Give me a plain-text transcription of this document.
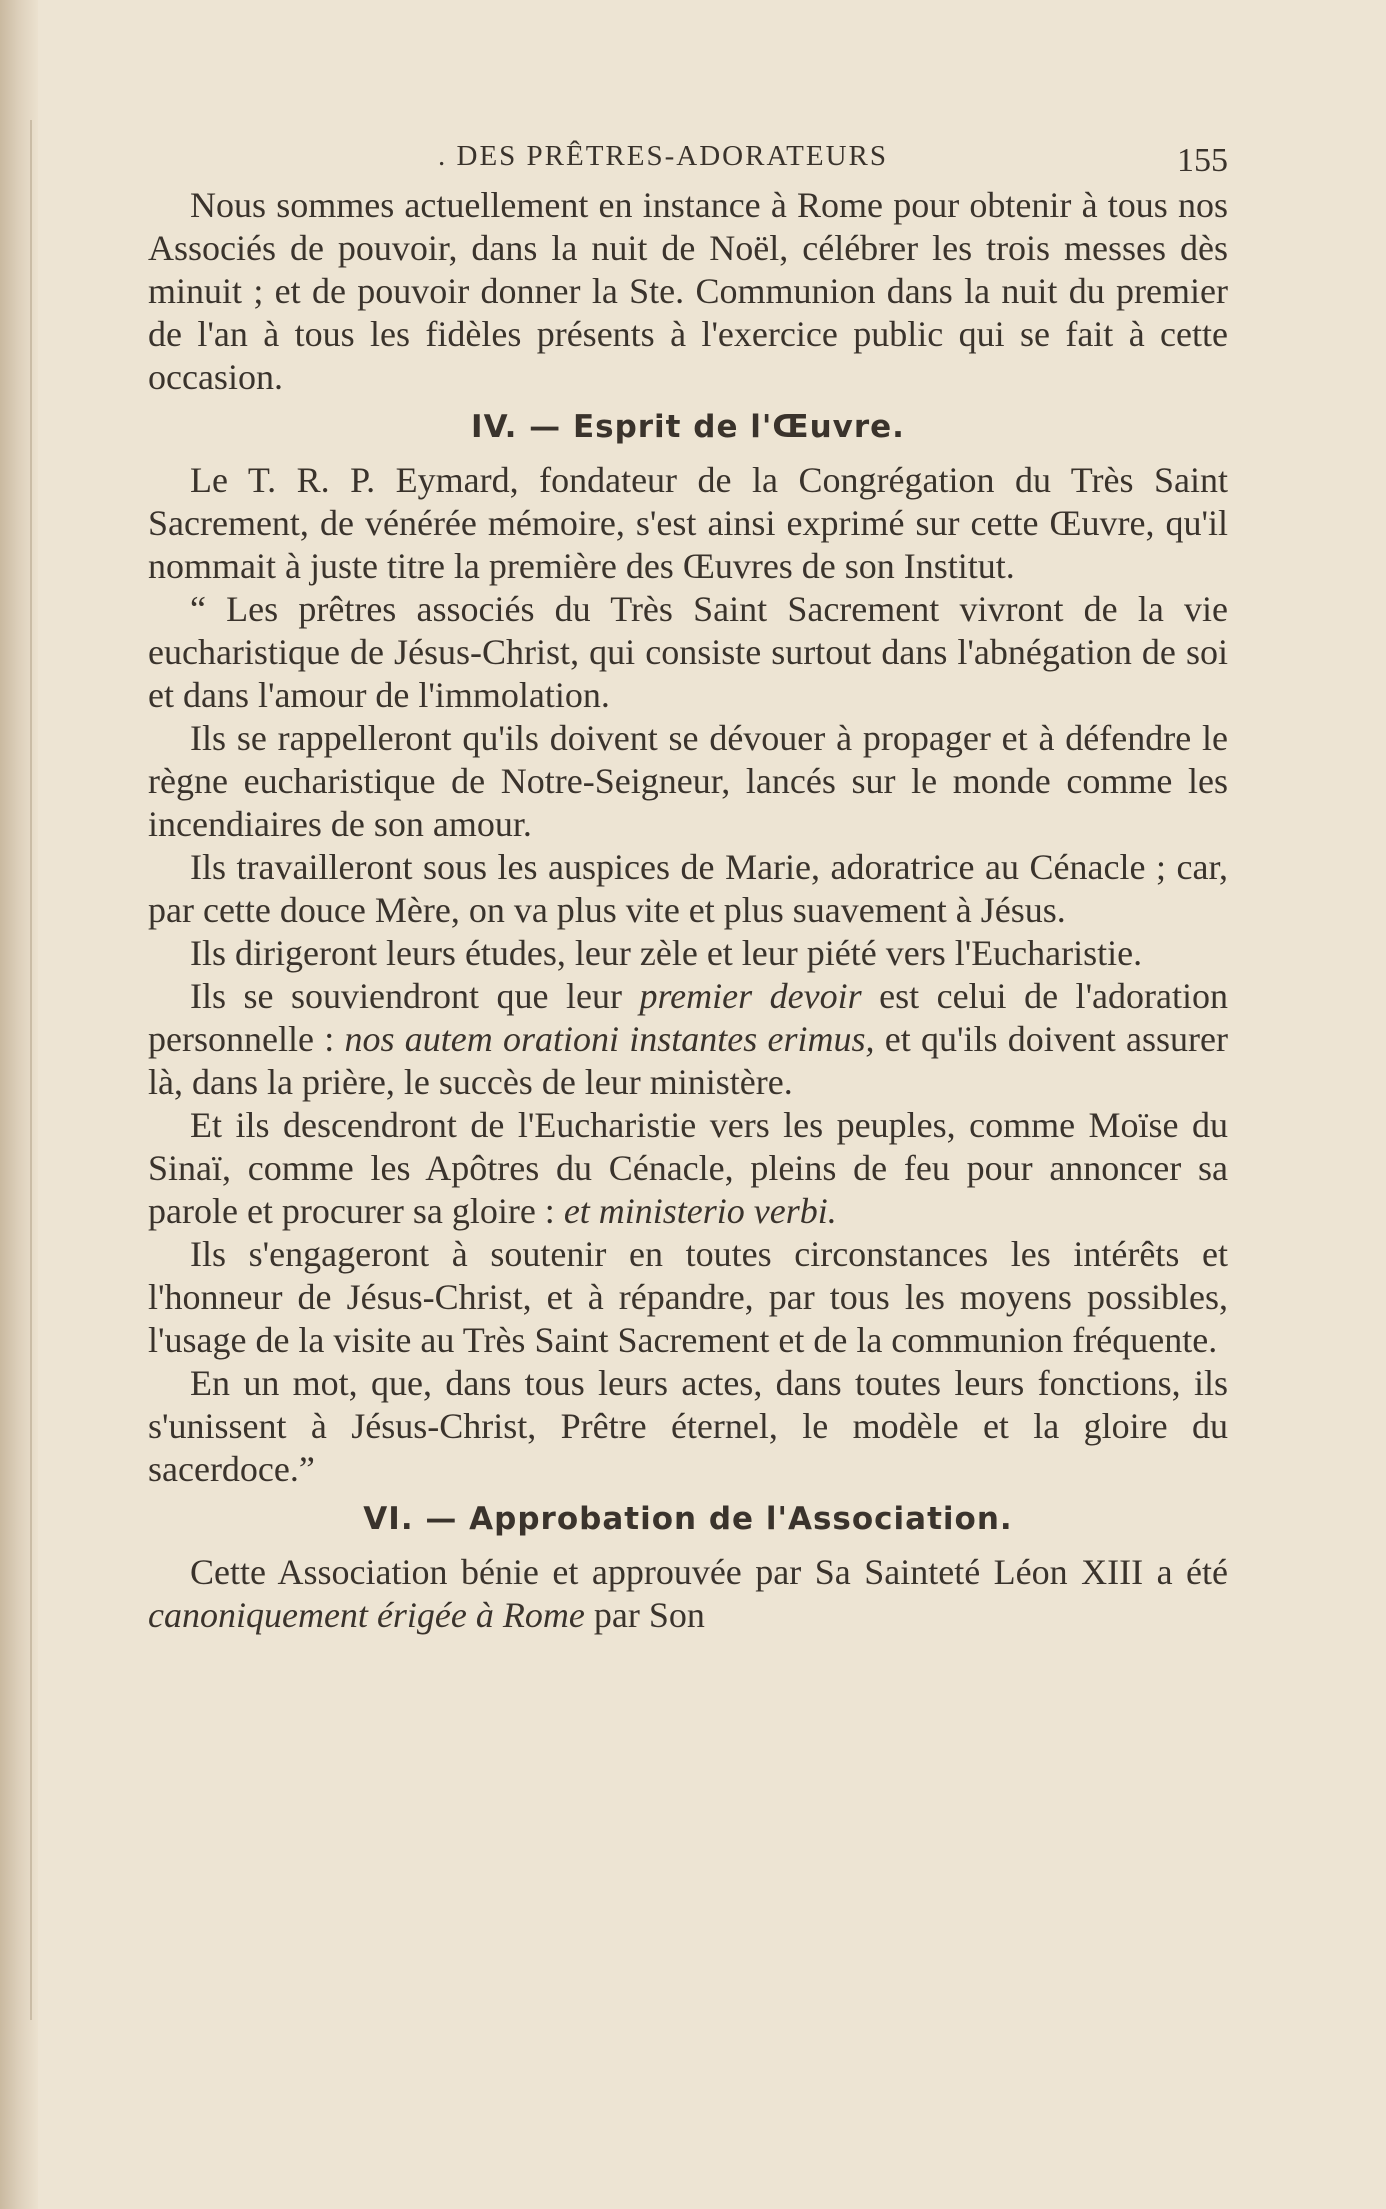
. DES PRÊTRES-ADORATEURS	155

Nous sommes actuellement en instance à Rome pour obtenir à tous nos Associés de pouvoir, dans la nuit de Noël, célébrer les trois messes dès minuit ; et de pouvoir donner la Ste. Communion dans la nuit du premier de l'an à tous les fidèles présents à l'exercice public qui se fait à cette occasion.

IV. — Esprit de l'Œuvre.

Le T. R. P. Eymard, fondateur de la Congrégation du Très Saint Sacrement, de vénérée mémoire, s'est ainsi exprimé sur cette Œuvre, qu'il nommait à juste titre la première des Œuvres de son Institut.

“ Les prêtres associés du Très Saint Sacrement vivront de la vie eucharistique de Jésus-Christ, qui consiste surtout dans l'abnégation de soi et dans l'amour de l'immolation.

Ils se rappelleront qu'ils doivent se dévouer à propager et à défendre le règne eucharistique de Notre-Seigneur, lancés sur le monde comme les incendiaires de son amour.

Ils travailleront sous les auspices de Marie, adoratrice au Cénacle ; car, par cette douce Mère, on va plus vite et plus suavement à Jésus.

Ils dirigeront leurs études, leur zèle et leur piété vers l'Eucharistie.

Ils se souviendront que leur premier devoir est celui de l'adoration personnelle : nos autem orationi instantes erimus, et qu'ils doivent assurer là, dans la prière, le succès de leur ministère.

Et ils descendront de l'Eucharistie vers les peuples, comme Moïse du Sinaï, comme les Apôtres du Cénacle, pleins de feu pour annoncer sa parole et procurer sa gloire : et ministerio verbi.

Ils s'engageront à soutenir en toutes circonstances les intérêts et l'honneur de Jésus-Christ, et à répandre, par tous les moyens possibles, l'usage de la visite au Très Saint Sacrement et de la communion fréquente.

En un mot, que, dans tous leurs actes, dans toutes leurs fonctions, ils s'unissent à Jésus-Christ, Prêtre éternel, le modèle et la gloire du sacerdoce.”

VI. — Approbation de l'Association.

Cette Association bénie et approuvée par Sa Sainteté Léon XIII a été canoniquement érigée à Rome par Son
